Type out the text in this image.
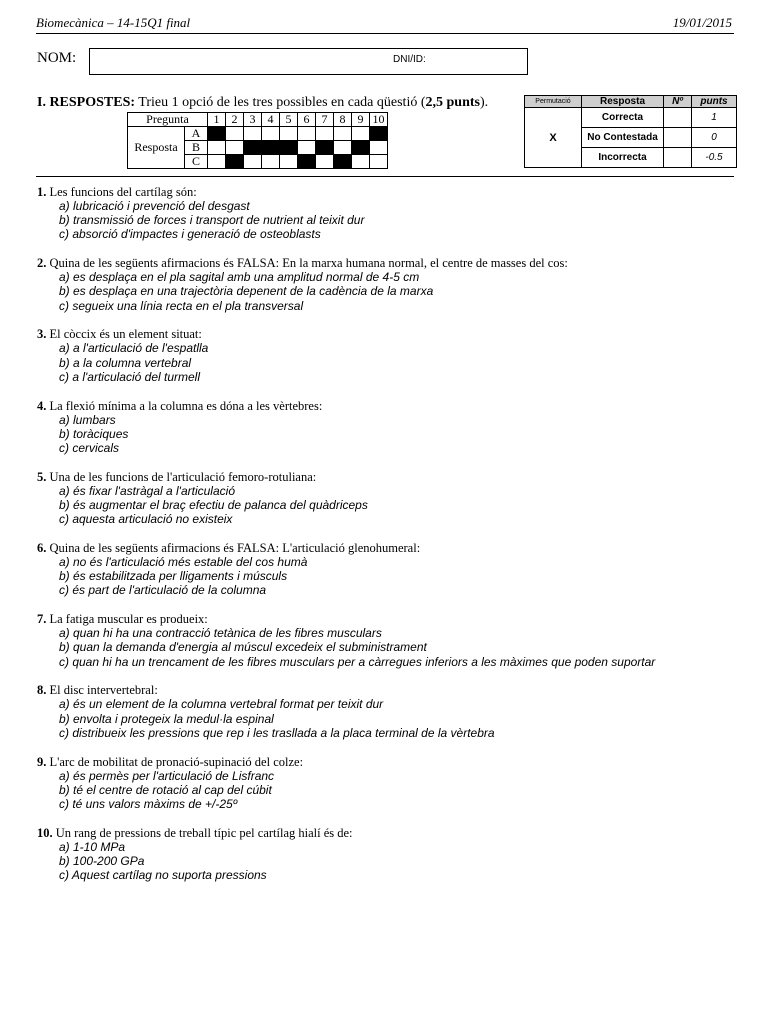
Biomecànica – 14-15Q1 final	19/01/2015
NOM:	DNI/ID:
I. RESPOSTES: Trieu 1 opció de les tres possibles en cada qüestió (2,5 punts).
Pregunta		1	2	3	4	5	6	7	8	9	10
Resposta	A										
	B										
	C										
Permutació	Resposta	Nº	punts
X	Correcta		1
	No Contestada		0
	Incorrecta		-0.5
1. Les funcions del cartílag són:
a) lubricació i prevenció del desgast
b) transmissió de forces i transport de nutrient al teixit dur
c) absorció d'impactes i generació de osteoblasts
2. Quina de les següents afirmacions és FALSA: En la marxa humana normal, el centre de masses del cos:
a) es desplaça en el pla sagital amb una amplitud normal de 4-5 cm
b) es desplaça en una trajectòria depenent de la cadència de la marxa
c) segueix una línia recta en el pla transversal
3. El còccix és un element situat:
a) a l'articulació de l'espatlla
b) a la columna vertebral
c) a l'articulació del turmell
4. La flexió mínima a la columna es dóna a les vèrtebres:
a) lumbars
b) toràciques
c) cervicals
5. Una de les funcions de l'articulació femoro-rotuliana:
a) és fixar l'astràgal a l'articulació
b) és augmentar el braç efectiu de palanca del quàdriceps
c) aquesta articulació no existeix
6. Quina de les següents afirmacions és FALSA: L'articulació glenohumeral:
a) no és l'articulació més estable del cos humà
b) és estabilitzada per lligaments i músculs
c) és part de l'articulació de la columna
7. La fatiga muscular es produeix:
a) quan hi ha una contracció tetànica de les fibres musculars
b) quan la demanda d'energia al múscul excedeix el subministrament
c) quan hi ha un trencament de les fibres musculars per a càrregues inferiors a les màximes que poden suportar
8. El disc intervertebral:
a) és un element de la columna vertebral format per teixit dur
b) envolta i protegeix la medul·la espinal
c) distribueix les pressions que rep i les trasllada a la placa terminal de la vèrtebra
9. L'arc de mobilitat de pronació-supinació del colze:
a) és permès per l'articulació de Lisfranc
b) té el centre de rotació al cap del cúbit
c) té uns valors màxims de +/-25º
10. Un rang de pressions de treball típic pel cartílag hialí és de:
a) 1-10 MPa
b) 100-200 GPa
c) Aquest cartílag no suporta pressions
